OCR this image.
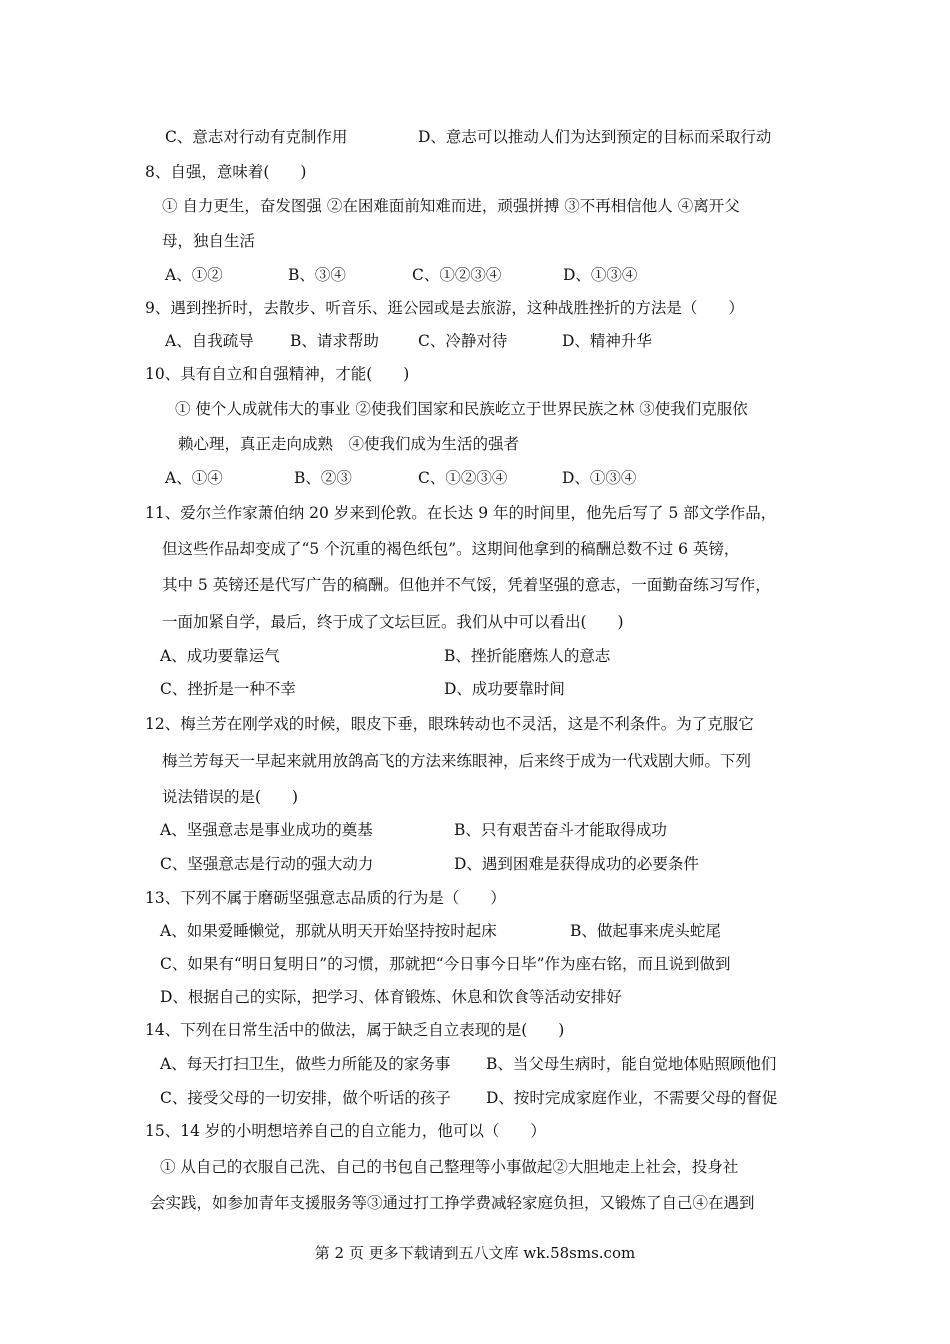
C、意志对行动有克制作用	D、意志可以推动人们为达到预定的目标而采取行动
8、自强，意味着(　　)
① 自力更生，奋发图强 ②在困难面前知难而进，顽强拼搏 ③不再相信他人 ④离开父
母，独自生活
A、①②	B、③④	C、①②③④	D、①③④
9、遇到挫折时，去散步、听音乐、逛公园或是去旅游，这种战胜挫折的方法是（　　）
A、自我疏导 B、请求帮助	C、冷静对待	D、精神升华
10、具有自立和自强精神，才能(　　)
① 使个人成就伟大的事业 ②使我们国家和民族屹立于世界民族之林 ③使我们克服依
赖心理，真正走向成熟　④使我们成为生活的强者
A、①④	B、②③	C、①②③④	D、①③④
11、爱尔兰作家萧伯纳 20 岁来到伦敦。在长达 9 年的时间里，他先后写了 5 部文学作品，
但这些作品却变成了“5 个沉重的褐色纸包”。这期间他拿到的稿酬总数不过 6 英镑，
其中 5 英镑还是代写广告的稿酬。但他并不气馁，凭着坚强的意志，一面勤奋练习写作，
一面加紧自学，最后，终于成了文坛巨匠。我们从中可以看出(　　)
A、成功要靠运气	B、挫折能磨炼人的意志
C、挫折是一种不幸	D、成功要靠时间
12、梅兰芳在刚学戏的时候，眼皮下垂，眼珠转动也不灵活，这是不利条件。为了克服它
梅兰芳每天一早起来就用放鸽高飞的方法来练眼神，后来终于成为一代戏剧大师。下列
说法错误的是(　　)
A、坚强意志是事业成功的奠基	B、只有艰苦奋斗才能取得成功
C、坚强意志是行动的强大动力	D、遇到困难是获得成功的必要条件
13、下列不属于磨砺坚强意志品质的行为是（　　）
A、如果爱睡懒觉，那就从明天开始坚持按时起床	B、做起事来虎头蛇尾
C、如果有“明日复明日”的习惯，那就把“今日事今日毕”作为座右铭，而且说到做到
D、根据自己的实际，把学习、体育锻炼、休息和饮食等活动安排好
14、下列在日常生活中的做法，属于缺乏自立表现的是(　　)
A、每天打扫卫生，做些力所能及的家务事 B、当父母生病时，能自觉地体贴照顾他们
C、接受父母的一切安排，做个听话的孩子 D、按时完成家庭作业，不需要父母的督促
15、14 岁的小明想培养自己的自立能力，他可以（　　）
① 从自己的衣服自己洗、自己的书包自己整理等小事做起②大胆地走上社会，投身社
会实践，如参加青年支援服务等③通过打工挣学费减轻家庭负担，又锻炼了自己④在遇到
第 2 页 更多下载请到五八文库 wk.58sms.com
